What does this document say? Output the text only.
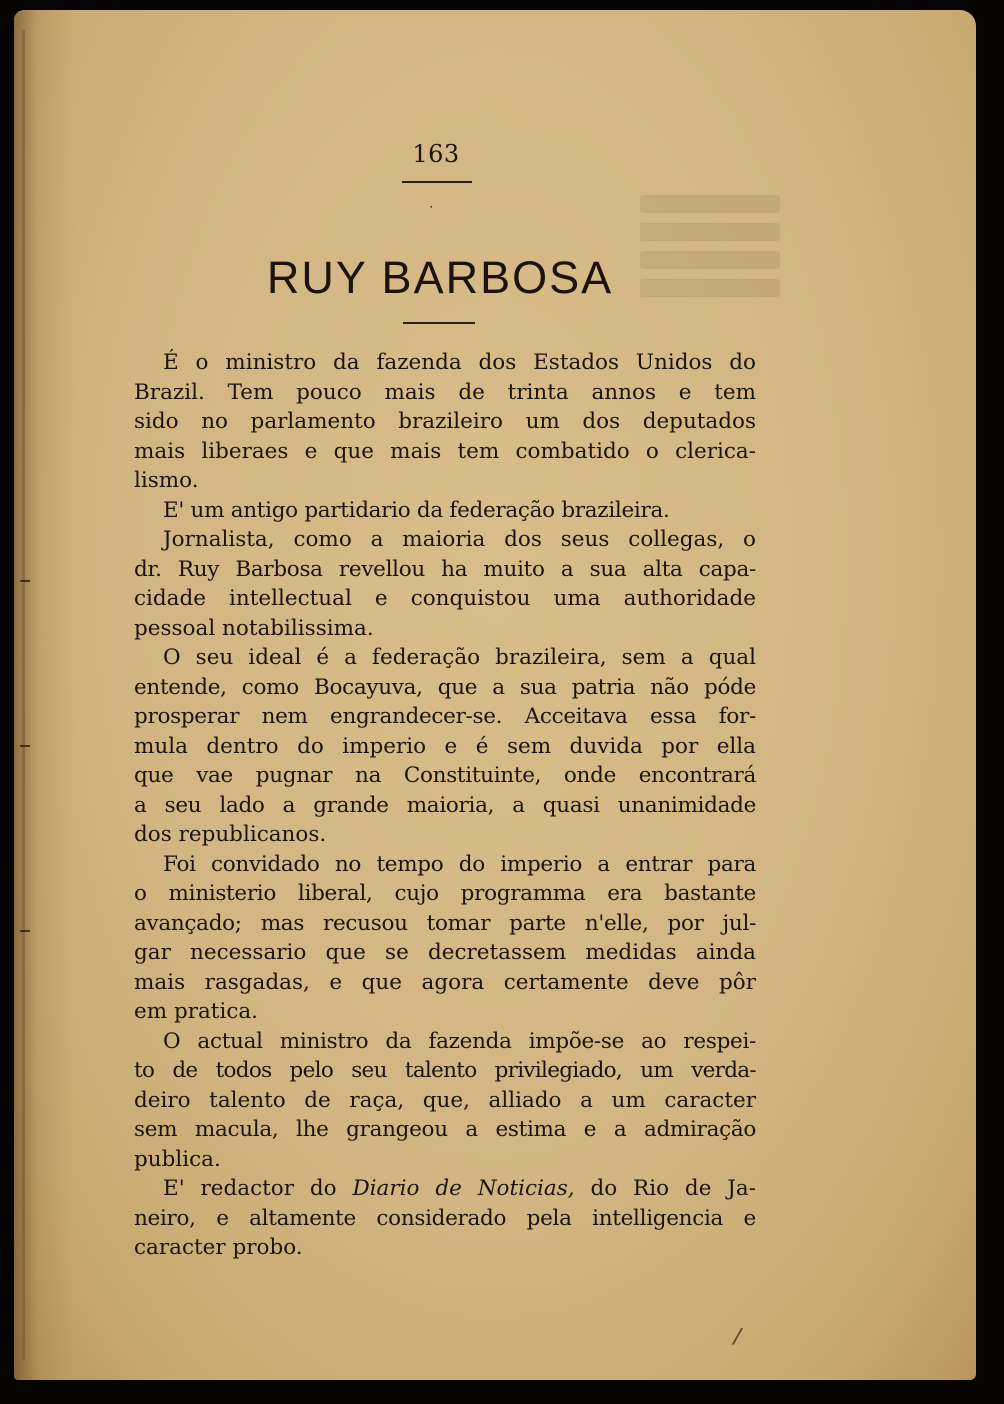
163
․
RUY BARBOSA
É o ministro da fazenda dos Estados Unidos do
Brazil. Tem pouco mais de trinta annos e tem
sido no parlamento brazileiro um dos deputados
mais liberaes e que mais tem combatido o clerica-
lismo.
E' um antigo partidario da federação brazileira.
Jornalista, como a maioria dos seus collegas, o
dr. Ruy Barbosa revellou ha muito a sua alta capa-
cidade intellectual e conquistou uma authoridade
pessoal notabilissima.
O seu ideal é a federação brazileira, sem a qual
entende, como Bocayuva, que a sua patria não póde
prosperar nem engrandecer-se. Acceitava essa for-
mula dentro do imperio e é sem duvida por ella
que vae pugnar na Constituinte, onde encontrará
a seu lado a grande maioria, a quasi unanimidade
dos republicanos.
Foi convidado no tempo do imperio a entrar para
o ministerio liberal, cujo programma era bastante
avançado; mas recusou tomar parte n'elle, por jul-
gar necessario que se decretassem medidas ainda
mais rasgadas, e que agora certamente deve pôr
em pratica.
O actual ministro da fazenda impõe-se ao respei-
to de todos pelo seu talento privilegiado, um verda-
deiro talento de raça, que, alliado a um caracter
sem macula, lhe grangeou a estima e a admiração
publica.
E' redactor do Diario de Noticias, do Rio de Ja-
neiro, e altamente considerado pela intelligencia e
caracter probo.
/
